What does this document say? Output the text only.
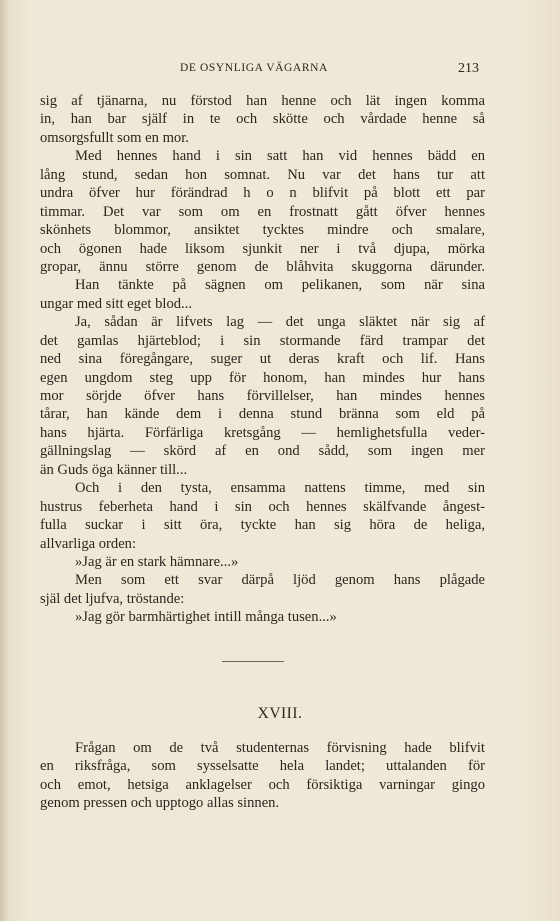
DE OSYNLIGA VÄGARNA	213
sig af tjänarna, nu förstod han henne och lät ingen komma
in, han bar själf in te och skötte och vårdade henne så
omsorgsfullt som en mor.
Med hennes hand i sin satt han vid hennes bädd en
lång stund, sedan hon somnat. Nu var det hans tur att
undra öfver hur förändrad h o n blifvit på blott ett par
timmar. Det var som om en frostnatt gått öfver hennes
skönhets blommor, ansiktet tycktes mindre och smalare,
och ögonen hade liksom sjunkit ner i två djupa, mörka
gropar, ännu större genom de blåhvita skuggorna därunder.
Han tänkte på sägnen om pelikanen, som när sina
ungar med sitt eget blod...
Ja, sådan är lifvets lag — det unga släktet när sig af
det gamlas hjärteblod; i sin stormande färd trampar det
ned sina föregångare, suger ut deras kraft och lif. Hans
egen ungdom steg upp för honom, han mindes hur hans
mor sörjde öfver hans förvillelser, han mindes hennes
tårar, han kände dem i denna stund bränna som eld på
hans hjärta. Förfärliga kretsgång — hemlighetsfulla veder-
gällningslag — skörd af en ond sådd, som ingen mer
än Guds öga känner till...
Och i den tysta, ensamma nattens timme, med sin
hustrus feberheta hand i sin och hennes skälfvande ångest-
fulla suckar i sitt öra, tyckte han sig höra de heliga,
allvarliga orden:
»Jag är en stark hämnare...»
Men som ett svar därpå ljöd genom hans plågade
själ det ljufva, tröstande:
»Jag gör barmhärtighet intill många tusen...»
XVIII.
Frågan om de två studenternas förvisning hade blifvit
en riksfråga, som sysselsatte hela landet; uttalanden för
och emot, hetsiga anklagelser och försiktiga varningar gingo
genom pressen och upptogo allas sinnen.
